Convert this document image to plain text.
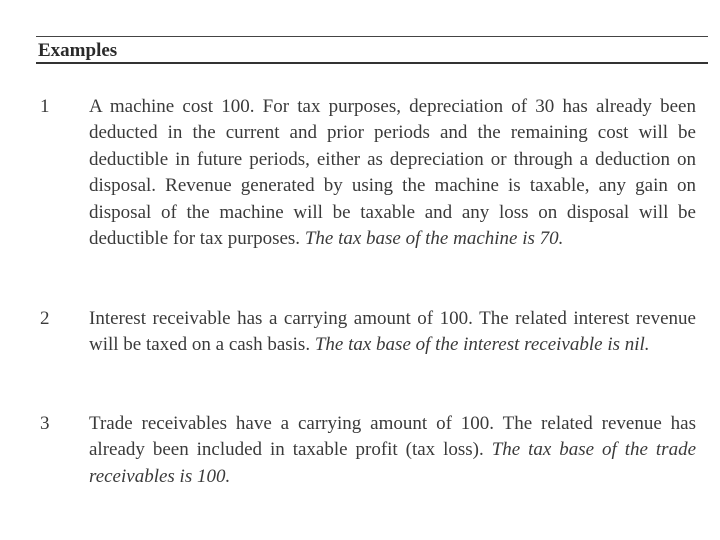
Examples
1 A machine cost 100. For tax purposes, depreciation of 30 has already been deducted in the current and prior periods and the remaining cost will be deductible in future periods, either as depreciation or through a deduction on disposal. Revenue generated by using the machine is taxable, any gain on disposal of the machine will be taxable and any loss on disposal will be deductible for tax purposes. The tax base of the machine is 70.
2 Interest receivable has a carrying amount of 100. The related interest revenue will be taxed on a cash basis. The tax base of the interest receivable is nil.
3 Trade receivables have a carrying amount of 100. The related revenue has already been included in taxable profit (tax loss). The tax base of the trade receivables is 100.
